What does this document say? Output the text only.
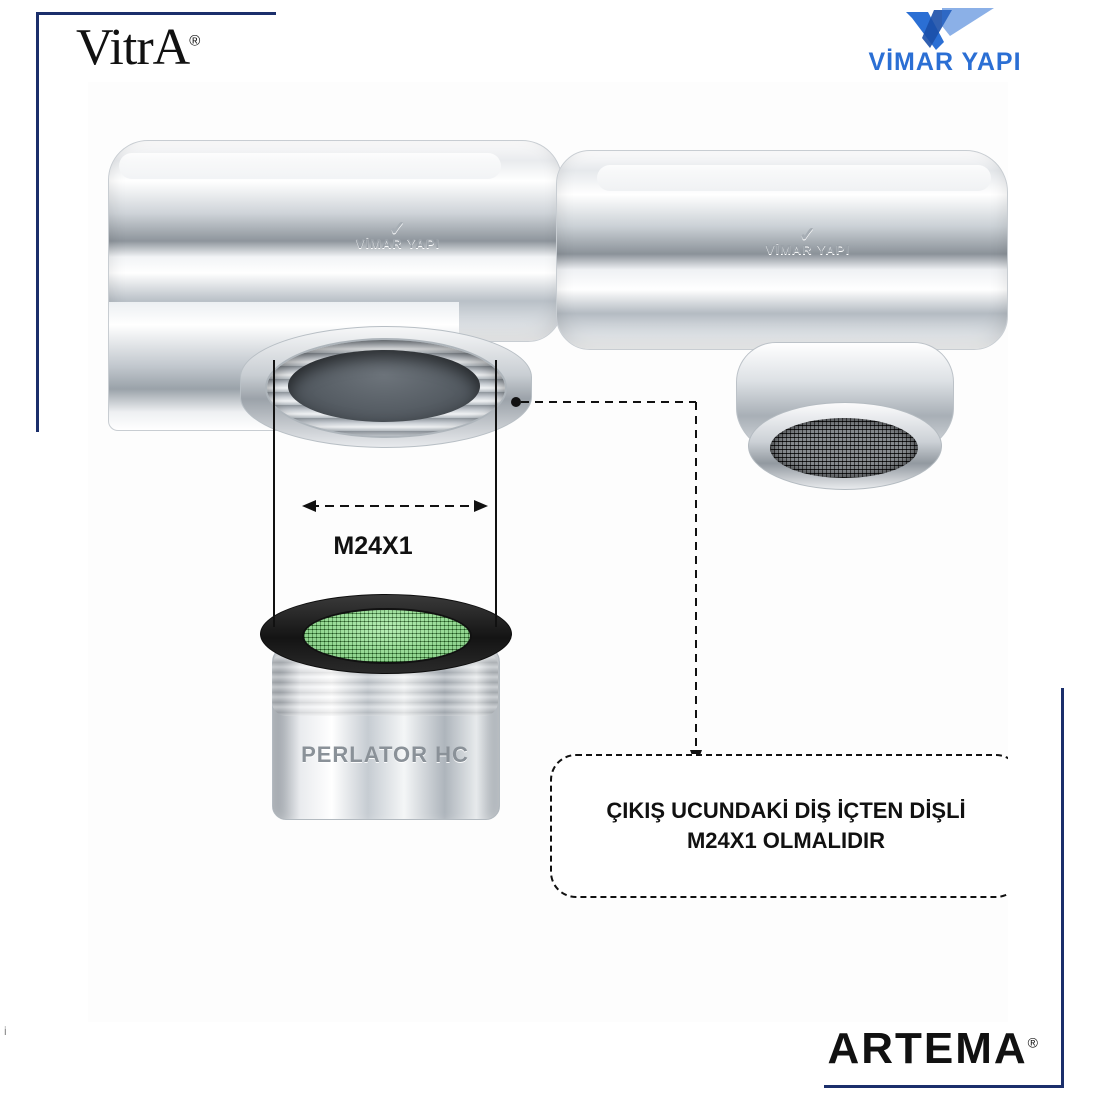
VitrA®
VİMAR YAPI
✓
VİMAR YAPI	✓
VİMAR YAPI
PERLATOR HC
M24X1
ÇIKIŞ UCUNDAKİ DİŞ İÇTEN DİŞLİ
M24X1 OLMALIDIR
ARTEMA®
i
